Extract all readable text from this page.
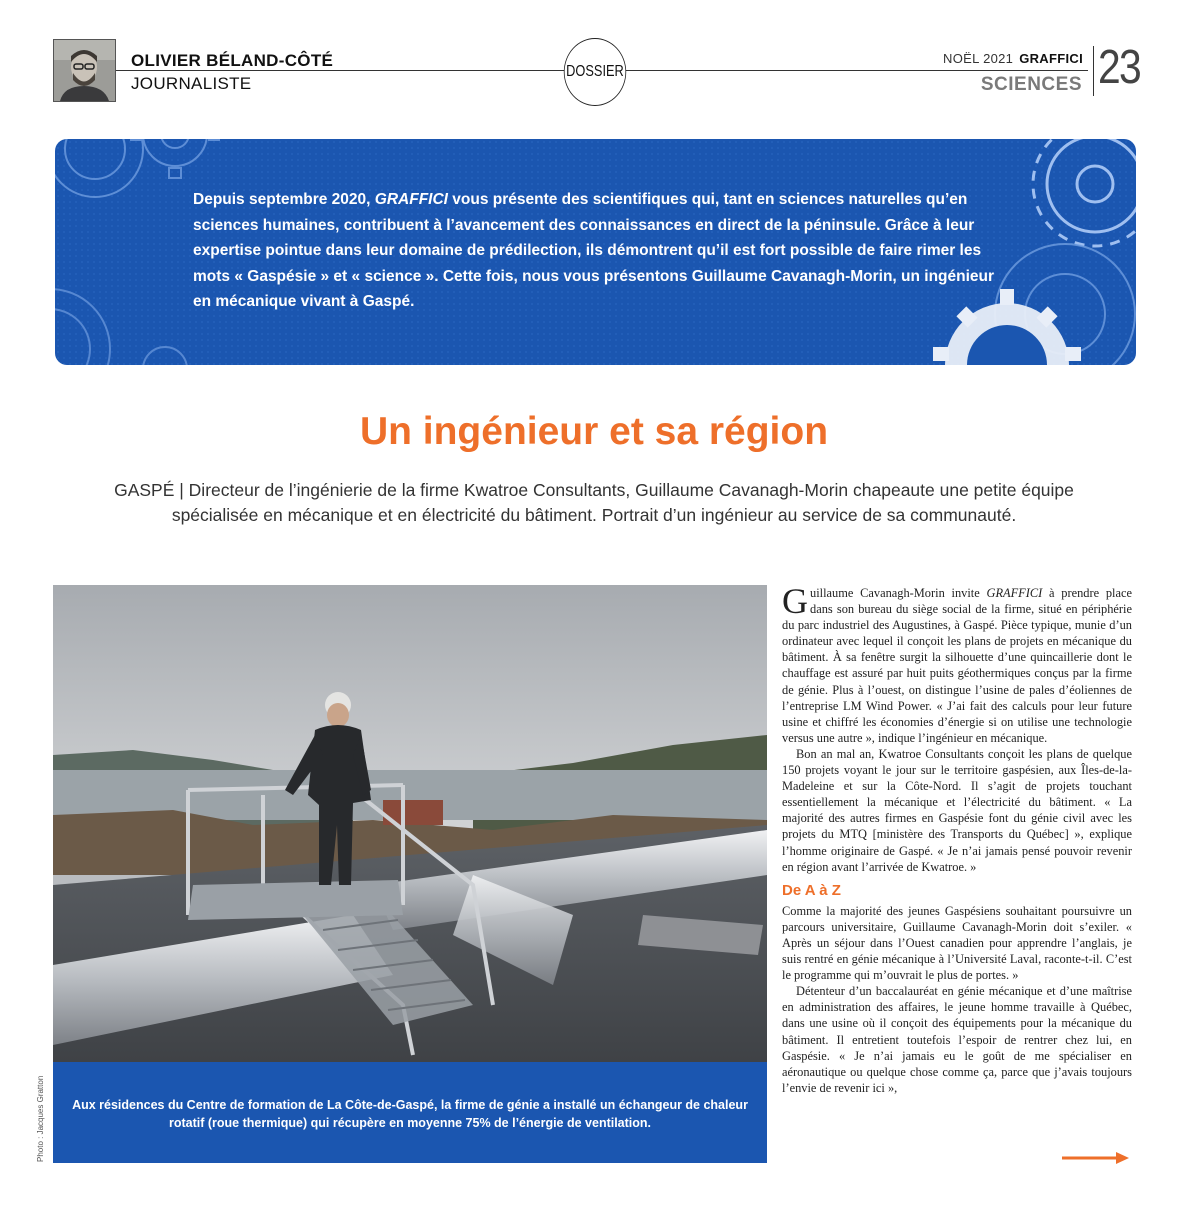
OLIVIER BÉLAND-CÔTÉ
JOURNALISTE
DOSSIER
NOËL 2021 GRAFFICI
SCIENCES 23
Depuis septembre 2020, GRAFFICI vous présente des scientifiques qui, tant en sciences naturelles qu’en sciences humaines, contribuent à l’avancement des connaissances en direct de la péninsule. Grâce à leur expertise pointue dans leur domaine de prédilection, ils démontrent qu’il est fort possible de faire rimer les mots « Gaspésie » et « science ». Cette fois, nous vous présentons Guillaume Cavanagh-Morin, un ingénieur en mécanique vivant à Gaspé.
Un ingénieur et sa région
GASPÉ | Directeur de l’ingénierie de la firme Kwatroe Consultants, Guillaume Cavanagh-Morin chapeaute une petite équipe spécialisée en mécanique et en électricité du bâtiment. Portrait d’un ingénieur au service de sa communauté.
Aux résidences du Centre de formation de La Côte-de-Gaspé, la firme de génie a installé un échangeur de chaleur rotatif (roue thermique) qui récupère en moyenne 75% de l’énergie de ventilation.
Photo : Jacques Gratton

Guillaume Cavanagh-Morin invite GRAFFICI à prendre place dans son bureau du siège social de la firme, situé en périphérie du parc industriel des Augustines, à Gaspé. Pièce typique, munie d’un ordinateur avec lequel il conçoit les plans de projets en mécanique du bâtiment. À sa fenêtre surgit la silhouette d’une quincaillerie dont le chauffage est assuré par huit puits géothermiques conçus par la firme de génie. Plus à l’ouest, on distingue l’usine de pales d’éoliennes de l’entreprise LM Wind Power. « J’ai fait des calculs pour leur future usine et chiffré les économies d’énergie si on utilise une technologie versus une autre », indique l’ingénieur en mécanique.

Bon an mal an, Kwatroe Consultants conçoit les plans de quelque 150 projets voyant le jour sur le territoire gaspésien, aux Îles-de-la-Madeleine et sur la Côte-Nord. Il s’agit de projets touchant essentiellement la mécanique et l’électricité du bâtiment. « La majorité des autres firmes en Gaspésie font du génie civil avec les projets du MTQ [ministère des Transports du Québec] », explique l’homme originaire de Gaspé. « Je n’ai jamais pensé pouvoir revenir en région avant l’arrivée de Kwatroe. »

De A à Z

Comme la majorité des jeunes Gaspésiens souhaitant poursuivre un parcours universitaire, Guillaume Cavanagh-Morin doit s’exiler. « Après un séjour dans l’Ouest canadien pour apprendre l’anglais, je suis rentré en génie mécanique à l’Université Laval, raconte-t-il. C’est le programme qui m’ouvrait le plus de portes. »

Détenteur d’un baccalauréat en génie mécanique et d’une maîtrise en administration des affaires, le jeune homme travaille à Québec, dans une usine où il conçoit des équipements pour la mécanique du bâtiment. Il entretient toutefois l’espoir de rentrer chez lui, en Gaspésie. « Je n’ai jamais eu le goût de me spécialiser en aéronautique ou quelque chose comme ça, parce que j’avais toujours l’envie de revenir ici »,
